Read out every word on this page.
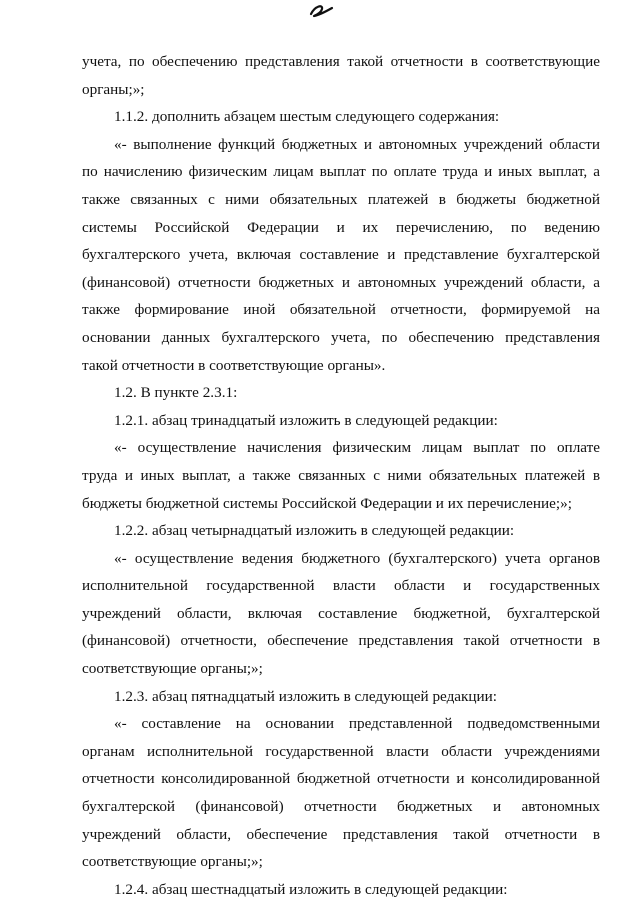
учета, по обеспечению представления такой отчетности в соответствующие
органы;»;
1.1.2. дополнить абзацем шестым следующего содержания:
«- выполнение функций бюджетных и автономных учреждений области
по начислению физическим лицам выплат по оплате труда и иных выплат, а
также связанных с ними обязательных платежей в бюджеты бюджетной
системы Российской Федерации и их перечислению, по ведению
бухгалтерского учета, включая составление и представление бухгалтерской
(финансовой) отчетности бюджетных и автономных учреждений области, а
также формирование иной обязательной отчетности, формируемой на
основании данных бухгалтерского учета, по обеспечению представления
такой отчетности в соответствующие органы».
1.2. В пункте 2.3.1:
1.2.1. абзац тринадцатый изложить в следующей редакции:
«- осуществление начисления физическим лицам выплат по оплате
труда и иных выплат, а также связанных с ними обязательных платежей в
бюджеты бюджетной системы Российской Федерации и их перечисление;»;
1.2.2. абзац четырнадцатый изложить в следующей редакции:
«- осуществление ведения бюджетного (бухгалтерского) учета органов
исполнительной государственной власти области и государственных
учреждений области, включая составление бюджетной, бухгалтерской
(финансовой) отчетности, обеспечение представления такой отчетности в
соответствующие органы;»;
1.2.3. абзац пятнадцатый изложить в следующей редакции:
«- составление на основании представленной подведомственными
органам исполнительной государственной власти области учреждениями
отчетности консолидированной бюджетной отчетности и консолидированной
бухгалтерской (финансовой) отчетности бюджетных и автономных
учреждений области, обеспечение представления такой отчетности в
соответствующие органы;»;
1.2.4. абзац шестнадцатый изложить в следующей редакции:
